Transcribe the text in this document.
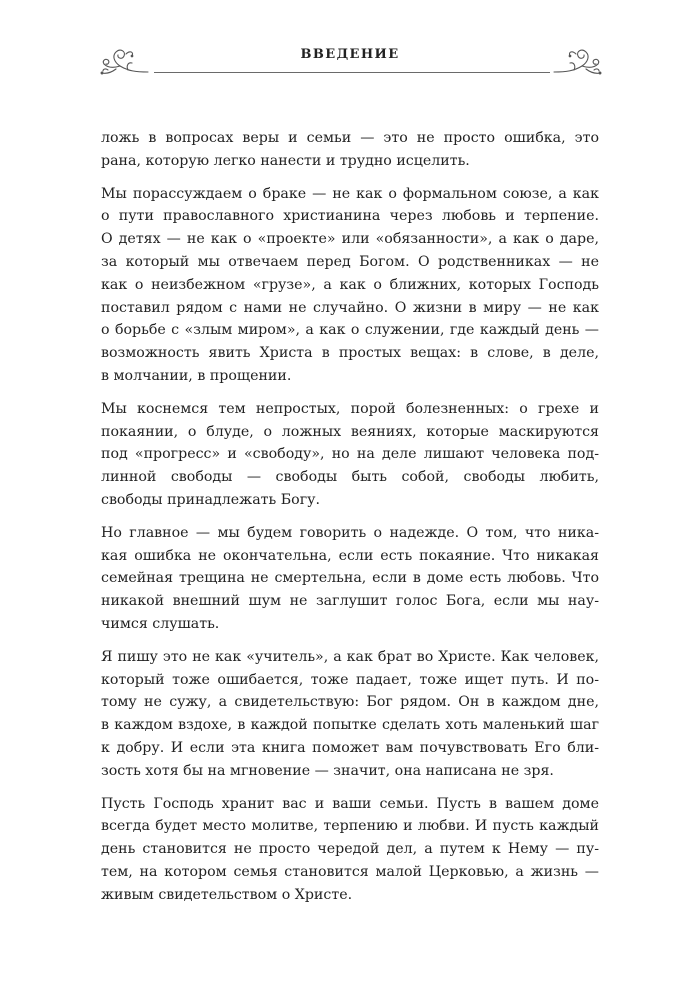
ВВЕДЕНИЕ

ложь в вопросах веры и семьи — это не просто ошибка, это
рана, которую легко нанести и трудно исцелить.

Мы порассуждаем о браке — не как о формальном союзе, а как
о пути православного христианина через любовь и терпение.
О детях — не как о «проекте» или «обязанности», а как о даре,
за который мы отвечаем перед Богом. О родственниках — не
как о неизбежном «грузе», а как о ближних, которых Господь
поставил рядом с нами не случайно. О жизни в миру — не как
о борьбе с «злым миром», а как о служении, где каждый день —
возможность явить Христа в простых вещах: в слове, в деле,
в молчании, в прощении.

Мы коснемся тем непростых, порой болезненных: о грехе и
покаянии, о блуде, о ложных веяниях, которые маскируются
под «прогресс» и «свободу», но на деле лишают человека под-
линной свободы — свободы быть собой, свободы любить,
свободы принадлежать Богу.

Но главное — мы будем говорить о надежде. О том, что ника-
кая ошибка не окончательна, если есть покаяние. Что никакая
семейная трещина не смертельна, если в доме есть любовь. Что
никакой внешний шум не заглушит голос Бога, если мы нау-
чимся слушать.

Я пишу это не как «учитель», а как брат во Христе. Как человек,
который тоже ошибается, тоже падает, тоже ищет путь. И по-
тому не сужу, а свидетельствую: Бог рядом. Он в каждом дне,
в каждом вздохе, в каждой попытке сделать хоть маленький шаг
к добру. И если эта книга поможет вам почувствовать Его бли-
зость хотя бы на мгновение — значит, она написана не зря.

Пусть Господь хранит вас и ваши семьи. Пусть в вашем доме
всегда будет место молитве, терпению и любви. И пусть каждый
день становится не просто чередой дел, а путем к Нему — пу-
тем, на котором семья становится малой Церковью, а жизнь —
живым свидетельством о Христе.
